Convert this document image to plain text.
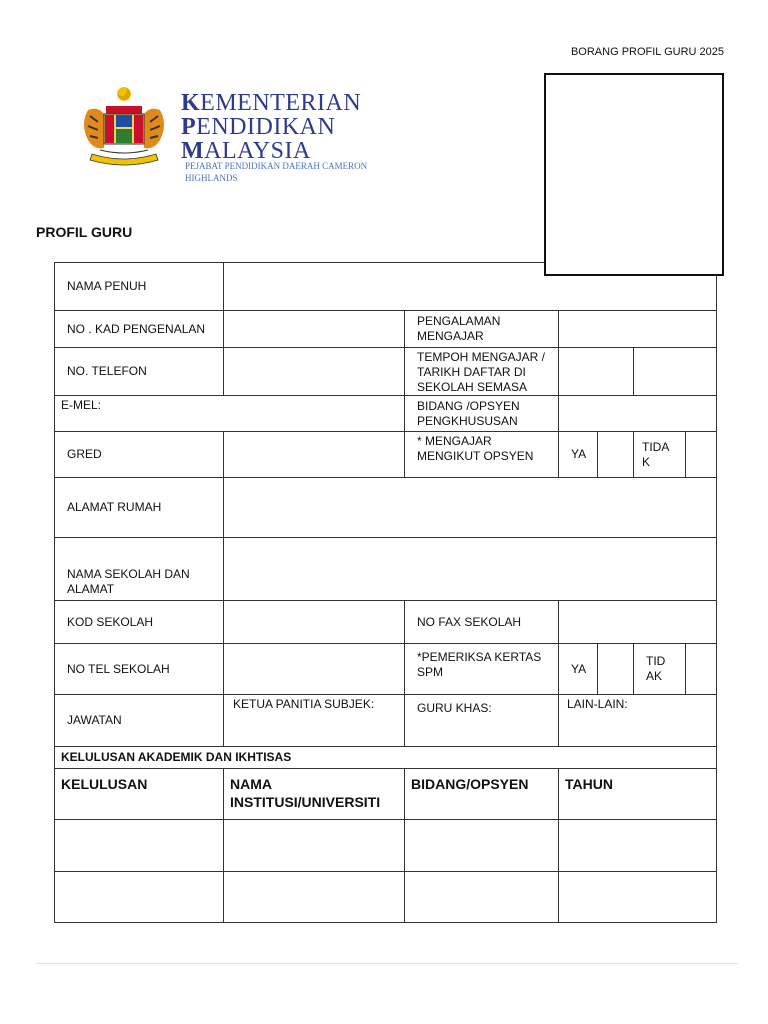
BORANG PROFIL GURU 2025
KEMENTERIAN
PENDIDIKAN
MALAYSIA
PEJABAT PENDIDIKAN DAERAH CAMERON HIGHLANDS
PROFIL GURU
NAMA PENUH						
NO . KAD PENGENALAN		PENGALAMAN MENGAJAR				
NO. TELEFON		TEMPOH MENGAJAR / TARIKH DAFTAR DI SEKOLAH SEMASA				
E-MEL:		BIDANG /OPSYEN PENGKHUSUSAN				
GRED		* MENGAJAR MENGIKUT OPSYEN	YA		TIDA K	
ALAMAT RUMAH						
NAMA SEKOLAH DAN ALAMAT						
KOD SEKOLAH		NO FAX SEKOLAH				
NO TEL SEKOLAH		*PEMERIKSA KERTAS SPM	YA		TID AK	
JAWATAN	KETUA PANITIA SUBJEK:	GURU KHAS:	LAIN-LAIN:			
KELULUSAN AKADEMIK DAN IKHTISAS						
KELULUSAN	NAMA INSTITUSI/UNIVERSITI	BIDANG/OPSYEN	TAHUN			
